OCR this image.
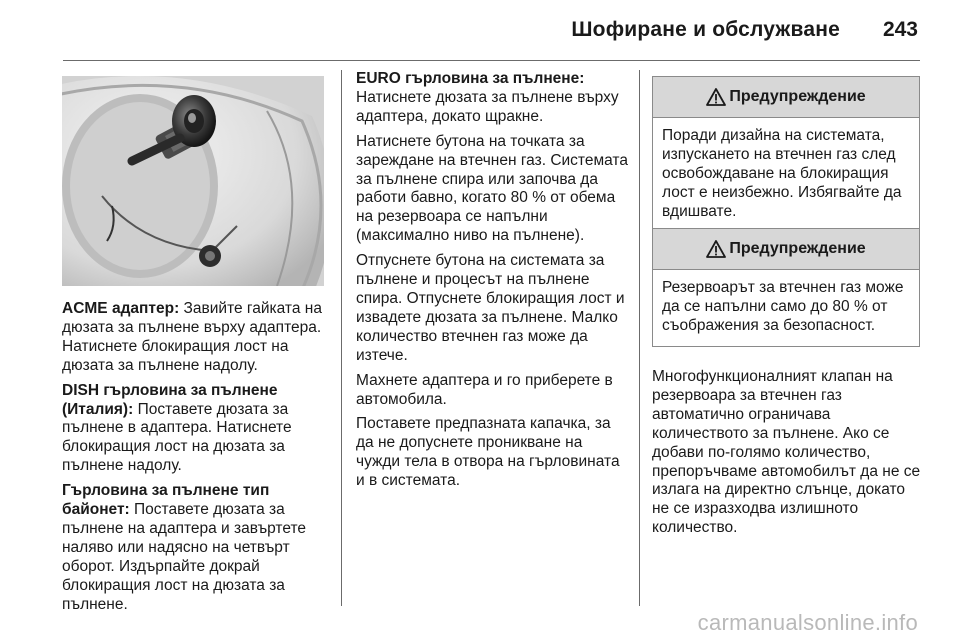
Шофиране и обслужване 243

ACME адаптер: Завийте гайката на дюзата за пълнене върху адаптера. Натиснете блокиращия лост на дюзата за пълнене надолу.

DISH гърловина за пълнене (Италия): Поставете дюзата за пълнене в адаптера. Натиснете блокиращия лост на дюзата за пълнене надолу.

Гърловина за пълнене тип байонет: Поставете дюзата за пълнене на адаптера и завъртете наляво или надясно на четвърт оборот. Издърпайте докрай блокиращия лост на дюзата за пълнене.

EURO гърловина за пълнене: Натиснете дюзата за пълнене върху адаптера, докато щракне.

Натиснете бутона на точката за зареждане на втечнен газ. Системата за пълнене спира или започва да работи бавно, когато 80 % от обема на резервоара се напълни (максимално ниво на пълнене).

Отпуснете бутона на системата за пълнене и процесът на пълнене спира. Отпуснете блокиращия лост и извадете дюзата за пълнене. Малко количество втечнен газ може да изтече.

Махнете адаптера и го приберете в автомобила.

Поставете предпазната капачка, за да не допуснете проникване на чужди тела в отвора на гърловината и в системата.

Предупреждение
Поради дизайна на системата, изпускането на втечнен газ след освобождаване на блокиращия лост е неизбежно. Избягвайте да вдишвате.
Предупреждение
Резервоарът за втечнен газ може да се напълни само до 80 % от съображения за безопасност.
Многофункционалният клапан на резервоара за втечнен газ автоматично ограничава количеството за пълнене. Ако се добави по-голямо количество, препоръчваме автомобилът да не се излага на директно слънце, докато не се изразходва излишното количество.
carmanualsonline.info
